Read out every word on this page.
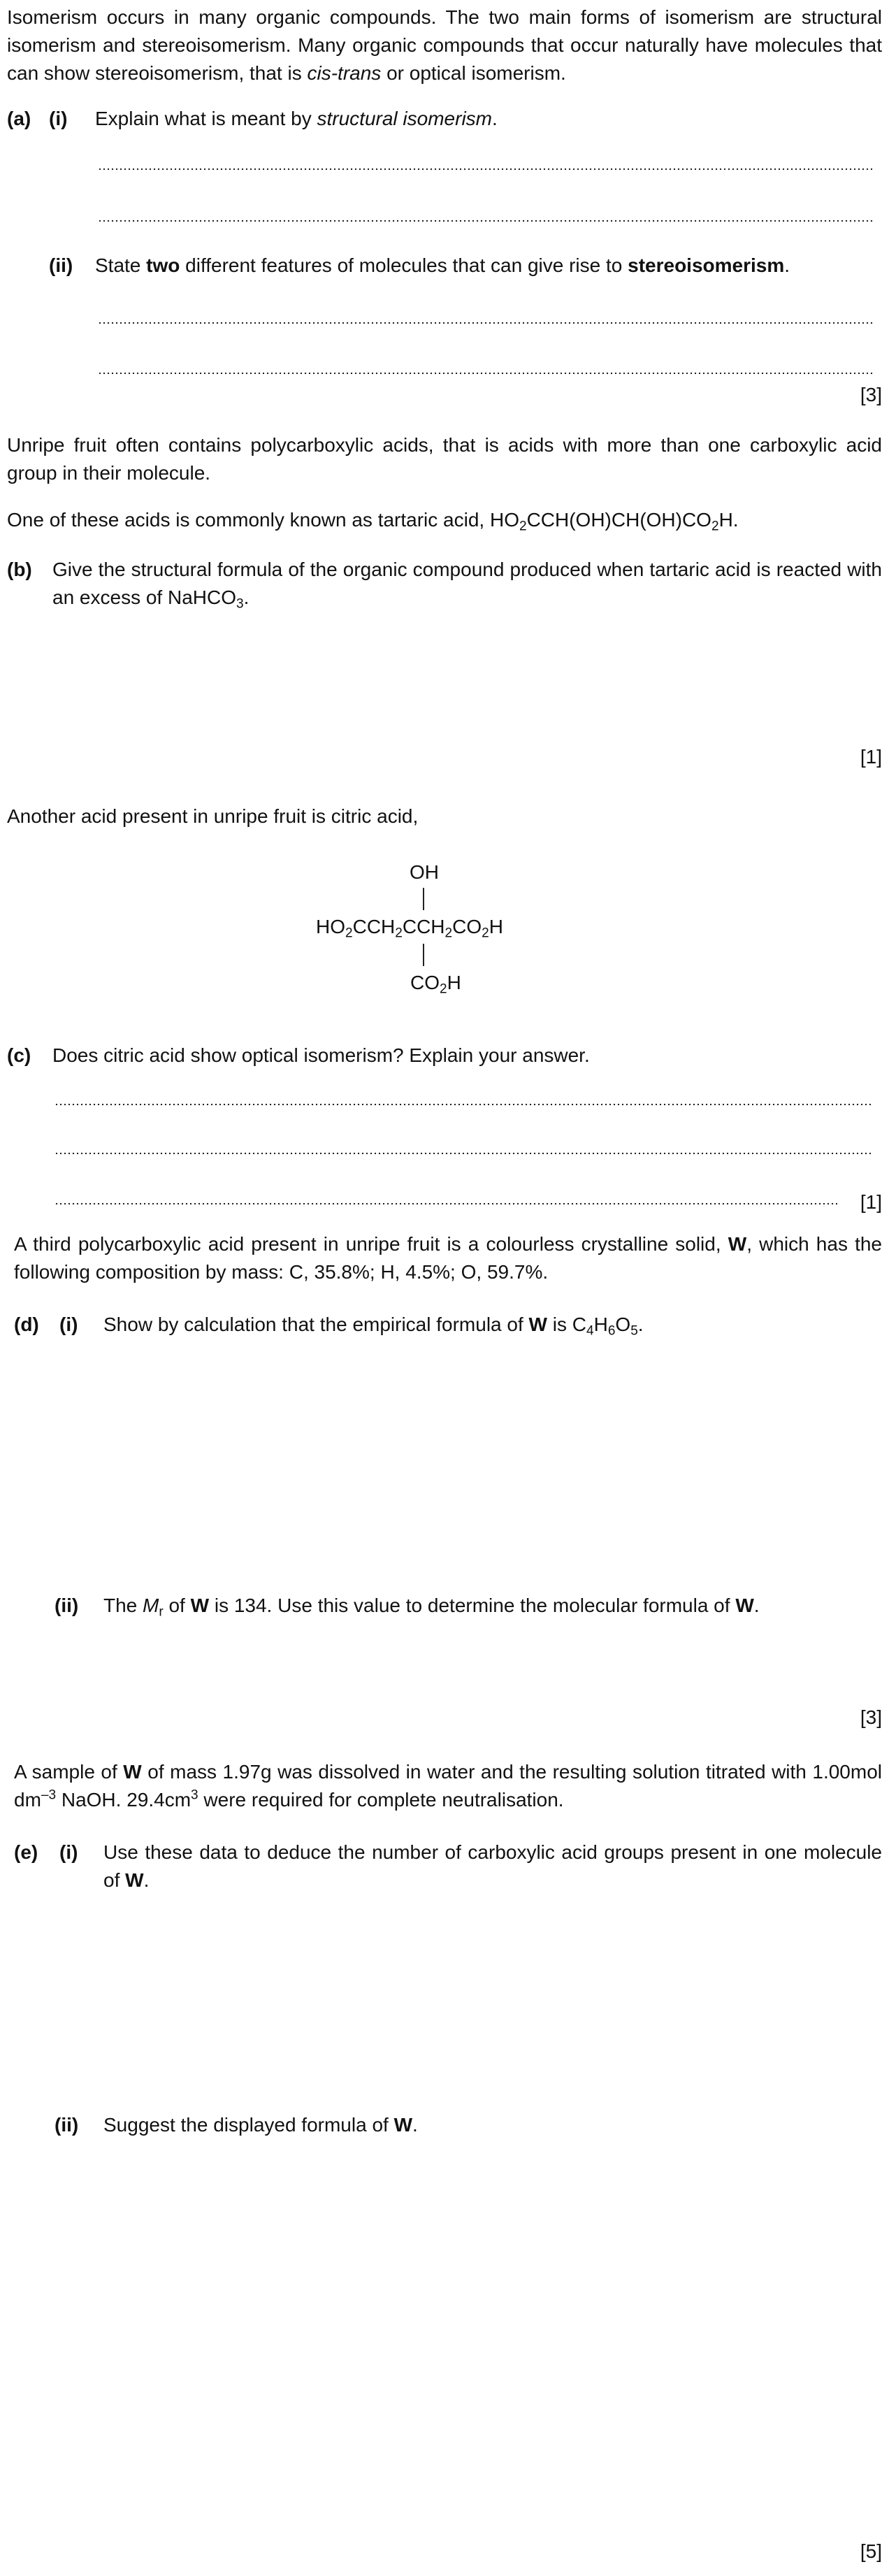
Isomerism occurs in many organic compounds. The two main forms of isomerism are structural isomerism and stereoisomerism. Many organic compounds that occur naturally have molecules that can show stereoisomerism, that is cis-trans or optical isomerism.
(a) (i) Explain what is meant by structural isomerism.
(ii) State two different features of molecules that can give rise to stereoisomerism.
[3]
Unripe fruit often contains polycarboxylic acids, that is acids with more than one carboxylic acid group in their molecule.
One of these acids is commonly known as tartaric acid, $HO_2CCH(OH)CH(OH)CO_2H$.
(b) Give the structural formula of the organic compound produced when tartaric acid is reacted with an excess of NaHCO$_3$.
[1]
Another acid present in unripe fruit is citric acid,
OH
$HO_2CCH_2CCH_2CO_2H$
$CO_2H$
(c) Does citric acid show optical isomerism? Explain your answer.
[1]
A third polycarboxylic acid present in unripe fruit is a colourless crystalline solid, W, which has the following composition by mass: C, 35.8%; H, 4.5%; O, 59.7%.
(d) (i) Show by calculation that the empirical formula of W is $C_4H_6O_5$.
(ii) The $M_r$ of W is 134. Use this value to determine the molecular formula of W.
[3]
A sample of W of mass 1.97g was dissolved in water and the resulting solution titrated with 1.00mol $dm^{-3}$ NaOH. $29.4cm^3$ were required for complete neutralisation.
(e) (i) Use these data to deduce the number of carboxylic acid groups present in one molecule of W.
(ii) Suggest the displayed formula of W.
[5]
